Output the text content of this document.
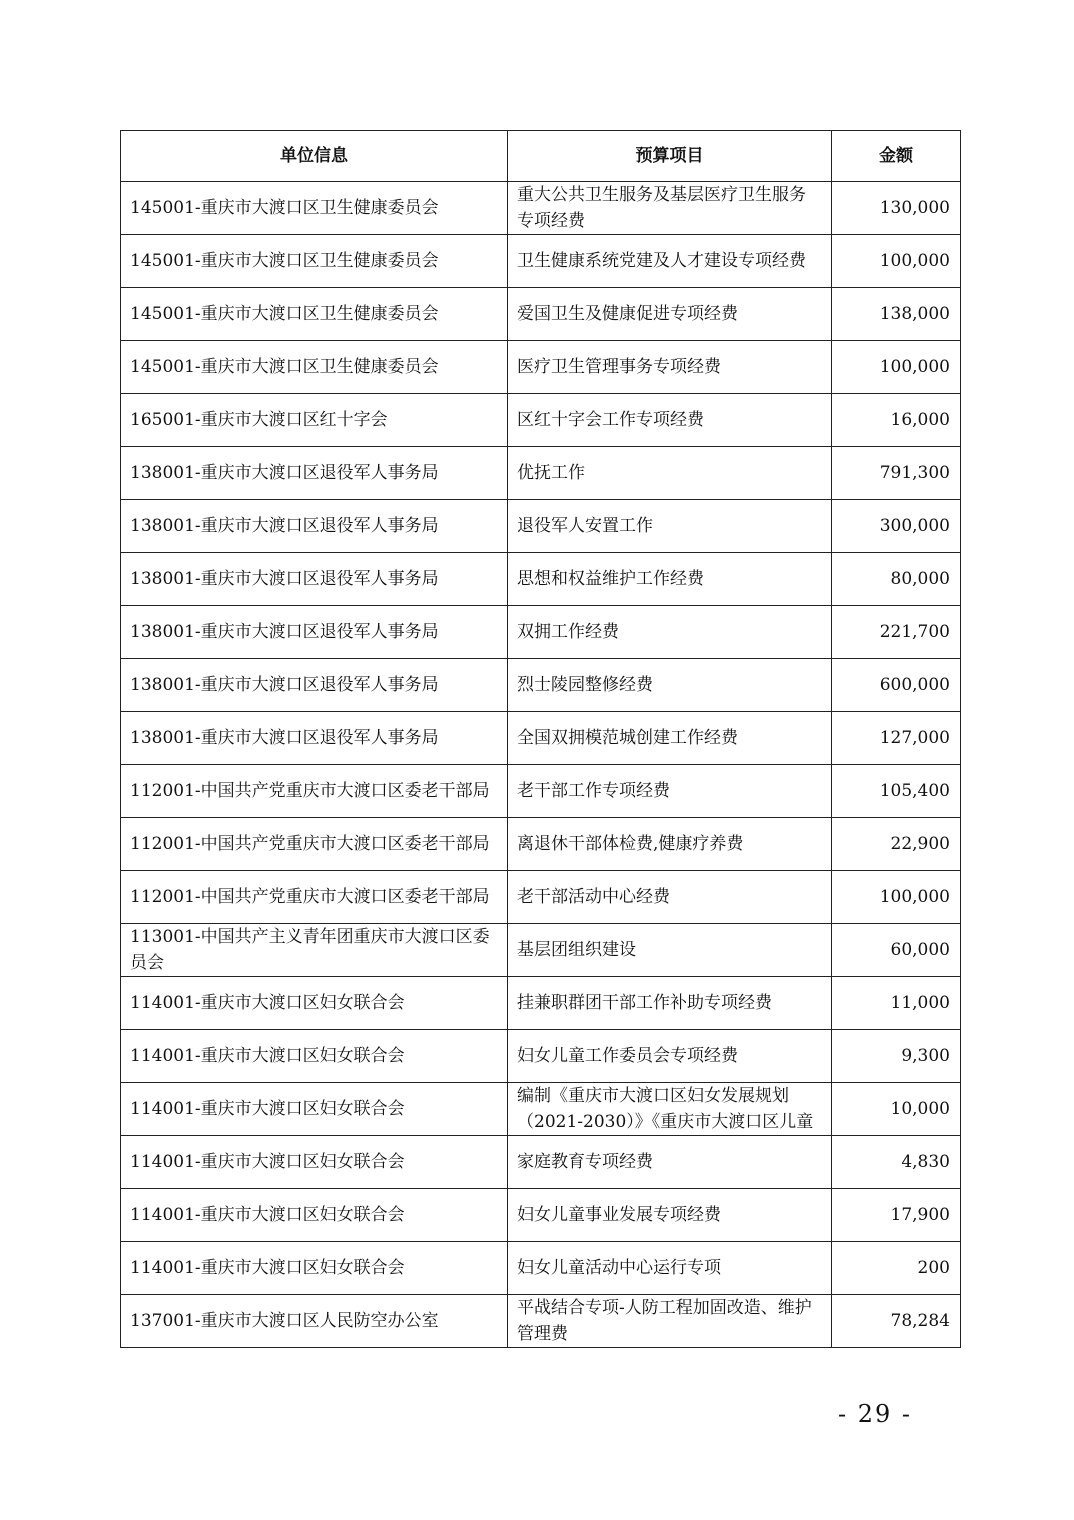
单位信息	预算项目	金额

145001-重庆市大渡口区卫生健康委员会	重大公共卫生服务及基层医疗卫生服务专项经费	130,000

145001-重庆市大渡口区卫生健康委员会	卫生健康系统党建及人才建设专项经费	100,000

145001-重庆市大渡口区卫生健康委员会	爱国卫生及健康促进专项经费	138,000

145001-重庆市大渡口区卫生健康委员会	医疗卫生管理事务专项经费	100,000

165001-重庆市大渡口区红十字会	区红十字会工作专项经费	16,000

138001-重庆市大渡口区退役军人事务局	优抚工作	791,300

138001-重庆市大渡口区退役军人事务局	退役军人安置工作	300,000

138001-重庆市大渡口区退役军人事务局	思想和权益维护工作经费	80,000

138001-重庆市大渡口区退役军人事务局	双拥工作经费	221,700

138001-重庆市大渡口区退役军人事务局	烈士陵园整修经费	600,000

138001-重庆市大渡口区退役军人事务局	全国双拥模范城创建工作经费	127,000

112001-中国共产党重庆市大渡口区委老干部局	老干部工作专项经费	105,400

112001-中国共产党重庆市大渡口区委老干部局	离退休干部体检费,健康疗养费	22,900

112001-中国共产党重庆市大渡口区委老干部局	老干部活动中心经费	100,000

113001-中国共产主义青年团重庆市大渡口区委员会	基层团组织建设	60,000

114001-重庆市大渡口区妇女联合会	挂兼职群团干部工作补助专项经费	11,000

114001-重庆市大渡口区妇女联合会	妇女儿童工作委员会专项经费	9,300

114001-重庆市大渡口区妇女联合会	编制《重庆市大渡口区妇女发展规划（2021-2030）》《重庆市大渡口区儿童	10,000

114001-重庆市大渡口区妇女联合会	家庭教育专项经费	4,830

114001-重庆市大渡口区妇女联合会	妇女儿童事业发展专项经费	17,900

114001-重庆市大渡口区妇女联合会	妇女儿童活动中心运行专项	200

137001-重庆市大渡口区人民防空办公室	平战结合专项-人防工程加固改造、维护管理费	78,284
- 29 -
